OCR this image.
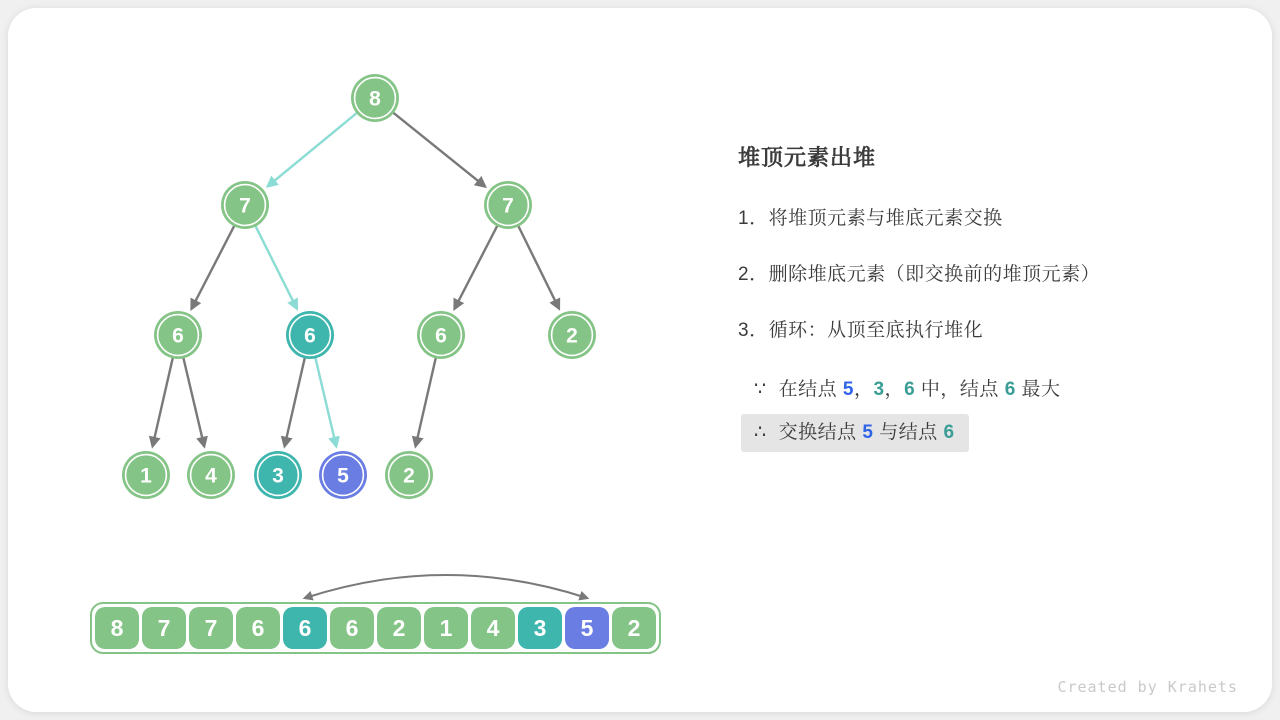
8
7	7
6	6	6	2
1	4	3	5	2
8	7	7	6	6	6	2	1	4	3	5	2
堆顶元素出堆
1．将堆顶元素与堆底元素交换
2．删除堆底元素（即交换前的堆顶元素）
3．循环：从顶至底执行堆化
∵ 在结点 5，3，6 中，结点 6 最大
∴ 交换结点 5 与结点 6
Created by Krahets
